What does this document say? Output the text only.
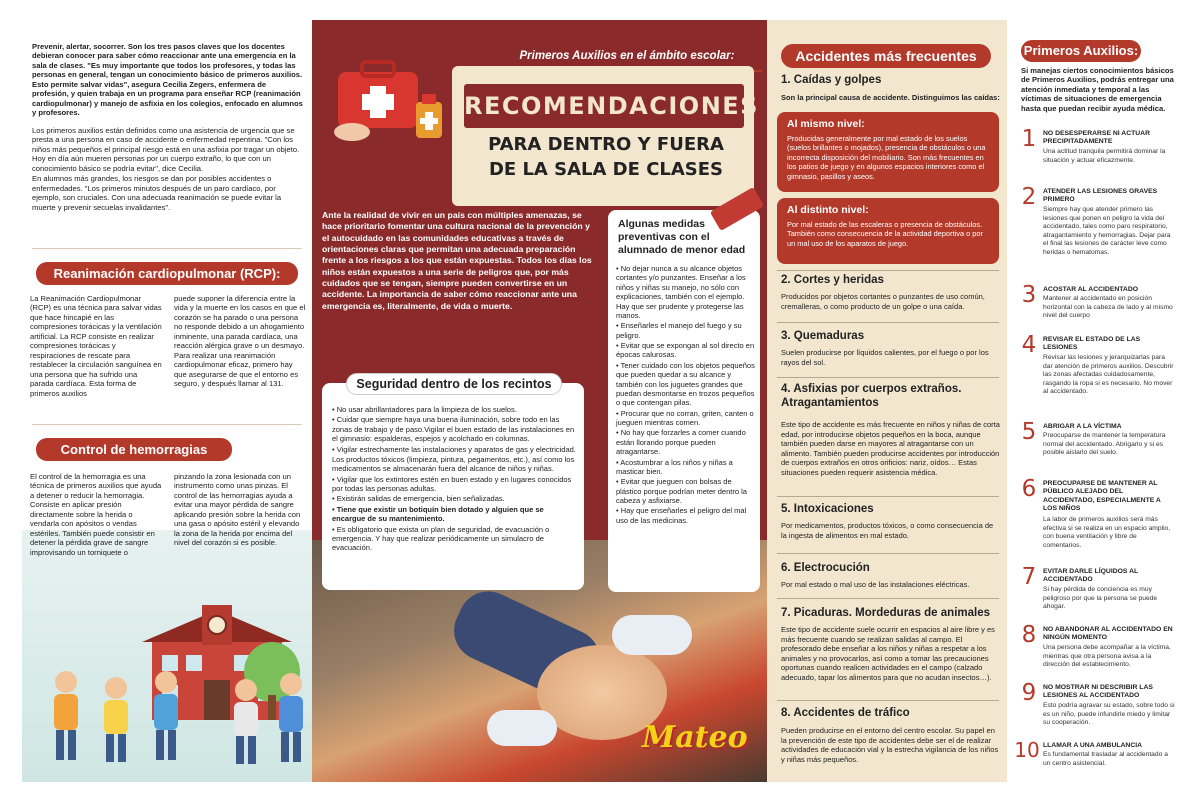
Prevenir, alertar, socorrer. Son los tres pasos claves que los docentes debieran conocer para saber cómo reaccionar ante una emergencia en la sala de clases. "Es muy importante que todos los profesores, y todas las personas en general, tengan un conocimiento básico de primeros auxilios. Esto permite salvar vidas", asegura Cecilia Zegers, enfermera de profesión, y quien trabaja en un programa para enseñar RCP (reanimación cardiopulmonar) y manejo de asfixia en los colegios, enfocado en alumnos y profesores.

Los primeros auxilios están definidos como una asistencia de urgencia que se presta a una persona en caso de accidente o enfermedad repentina. "Con los niños más pequeños el principal riesgo está en una asfixia por tragar un objeto. Hoy en día aún mueren personas por un cuerpo extraño, lo que con un conocimiento básico se podría evitar", dice Cecilia.

En alumnos más grandes, los riesgos se dan por posibles accidentes o enfermedades. "Los primeros minutos después de un paro cardíaco, por ejemplo, son cruciales. Con una adecuada reanimación se puede evitar la muerte y prevenir secuelas invalidantes".

Reanimación cardiopulmonar (RCP):

La Reanimación Cardiopulmonar (RCP) es una técnica para salvar vidas que hace hincapié en las compresiones torácicas y la ventilación artificial. La RCP consiste en realizar compresiones torácicas y respiraciones de rescate para restablecer la circulación sanguínea en una persona que ha sufrido una parada cardíaca. Esta forma de primeros auxilios

puede suponer la diferencia entre la vida y la muerte en los casos en que el corazón se ha parado o una persona no responde debido a un ahogamiento inminente, una parada cardíaca, una reacción alérgica grave o un desmayo. Para realizar una reanimación cardiopulmonar eficaz, primero hay que asegurarse de que el entorno es seguro, y después llamar al 131.

Control de hemorragias

El control de la hemorragia es una técnica de primeros auxilios que ayuda a detener o reducir la hemorragia. Consiste en aplicar presión directamente sobre la herida o vendarla con apósitos o vendas estériles. También puede consistir en detener la pérdida grave de sangre improvisando un torniquete o

pinzando la zona lesionada con un instrumento como unas pinzas. El control de las hemorragias ayuda a evitar una mayor pérdida de sangre aplicando presión sobre la herida con una gasa o apósito estéril y elevando la zona de la herida por encima del nivel del corazón si es posible.

Primeros Auxilios en el ámbito escolar:
RECOMENDACIONES
PARA DENTRO Y FUERA
DE LA SALA DE CLASES

Ante la realidad de vivir en un país con múltiples amenazas, se hace prioritario fomentar una cultura nacional de la prevención y el autocuidado en las comunidades educativas a través de orientaciones claras que permitan una adecuada preparación frente a los riesgos a los que están expuestas. Todos los días los niños están expuestos a una serie de peligros que, por más cuidados que se tengan, siempre pueden convertirse en un accidente. La importancia de saber cómo reaccionar ante una emergencia es, literalmente, de vida o muerte.

Seguridad dentro de los recintos
• No usar abrillantadores para la limpieza de los suelos.
• Cuidar que siempre haya una buena iluminación, sobre todo en las zonas de trabajo y de paso.Vigilar el buen estado de las instalaciones en el gimnasio: espalderas, espejos y acolchado en columnas.
• Vigilar estrechamente las instalaciones y aparatos de gas y electricidad.
Los productos tóxicos (limpieza, pintura, pegamentos, etc.), así como los medicamentos se almacenarán fuera del alcance de niños y niñas.
• Vigilar que los extintores estén en buen estado y en lugares conocidos por todas las personas adultas.
• Existirán salidas de emergencia, bien señalizadas.
• Tiene que existir un botiquín bien dotado y alguien que se encargue de su mantenimiento.
• Es obligatorio que exista un plan de seguridad, de evacuación o emergencia. Y hay que realizar periódicamente un simulacro de evacuación.
Algunas medidas preventivas con el alumnado de menor edad
• No dejar nunca a su alcance objetos cortantes y/o punzantes. Enseñar a los niños y niñas su manejo, no sólo con explicaciones, también con el ejemplo. Hay que ser prudente y protegerse las manos.
• Enseñarles el manejo del fuego y su peligro.
• Evitar que se expongan al sol directo en épocas calurosas.
• Tener cuidado con los objetos pequeños que pueden quedar a su alcance y también con los juguetes grandes que puedan desmontarse en trozos pequeños o que contengan pilas.
• Procurar que no corran, griten, canten o jueguen mientras comen.
• No hay que forzarles a comer cuando están llorando porque pueden atragantarse.
• Acostumbrar a los niños y niñas a masticar bien.
• Evitar que jueguen con bolsas de plástico porque podrían meter dentro la cabeza y asfixiarse.
• Hay que enseñarles el peligro del mal uso de las medicinas.
Mateo
Accidentes más frecuentes
1. Caídas y golpes

Son la principal causa de accidente. Distinguimos las caídas:

Al mismo nivel:

Producidas generalmente por mal estado de los suelos (suelos brillantes o mojados), presencia de obstáculos o una incorrecta disposición del mobiliario. Son más frecuentes en los patios de juego y en algunos espacios interiores como el gimnasio, pasillos y aseos.

Al distinto nivel:

Por mal estado de las escaleras o presencia de obstáculos. También como consecuencia de la actividad deportiva o por un mal uso de los aparatos de juego.

2. Cortes y heridas

Producidos por objetos cortantes o punzantes de uso común, cremalleras, o como producto de un golpe o una caída.

3. Quemaduras

Suelen producirse por líquidos calientes, por el fuego o por los rayos del sol.

4. Asfixias por cuerpos extraños. Atragantamientos

Este tipo de accidente es más frecuente en niños y niñas de corta edad, por introducirse objetos pequeños en la boca, aunque también pueden darse en mayores al atragantarse con un alimento. También pueden producirse accidentes por introducción de cuerpos extraños en otros orificios: nariz, oídos… Estas situaciones pueden requerir asistencia médica.

5. Intoxicaciones

Por medicamentos, productos tóxicos, o como consecuencia de la ingesta de alimentos en mal estado.

6. Electrocución

Por mal estado o mal uso de las instalaciones eléctricas.

7. Picaduras. Mordeduras de animales

Este tipo de accidente suele ocurrir en espacios al aire libre y es más frecuente cuando se realizan salidas al campo. El profesorado debe enseñar a los niños y niñas a respetar a los animales y no provocarlos, así como a tomar las precauciones oportunas cuando realicen actividades en el campo (calzado adecuado, tapar los alimentos para que no acudan insectos…).

8. Accidentes de tráfico

Pueden producirse en el entorno del centro escolar. Su papel en la prevención de este tipo de accidentes debe ser el de realizar actividades de educación vial y la estrecha vigilancia de los niños y niñas más pequeños.

Primeros Auxilios:

Si manejas ciertos conocimientos básicos de Primeros Auxilios, podrás entregar una atención inmediata y temporal a las víctimas de situaciones de emergencia hasta que puedan recibir ayuda médica.

1 NO DESESPERARSE NI ACTUAR PRECIPITADAMENTE
Una actitud tranquila permitirá dominar la situación y actuar eficazmente.
2 ATENDER LAS LESIONES GRAVES PRIMERO
Siempre hay que atender primero las lesiones que ponen en peligro la vida del accidentado, tales como paro respiratorio, atragantamiento y hemorragias. Dejar para el final las lesiones de carácter leve como heridas o hematomas.
3 ACOSTAR AL ACCIDENTADO
Mantener al accidentado en posición horizontal con la cabeza de lado y al mismo nivel del cuerpo
4 REVISAR EL ESTADO DE LAS LESIONES
Revisar las lesiones y jerarquizarlas para dar atención de primeros auxilios. Descubrir las zonas afectadas cuidadosamente, rasgando la ropa si es necesario. No mover al accidentado.
5 ABRIGAR A LA VÍCTIMA
Preocuparse de mantener la temperatura normal del accidentado. Abrigarlo y si es posible aislarlo del suelo.
6 PREOCUPARSE DE MANTENER AL PÚBLICO ALEJADO DEL ACCIDENTADO, ESPECIALMENTE A LOS NIÑOS
La labor de primeros auxilios será más efectiva si se realiza en un espacio amplio, con buena ventilación y libre de comentarios.
7 EVITAR DARLE LÍQUIDOS AL ACCIDENTADO
Si hay pérdida de conciencia es muy peligroso por que la persona se puede ahogar.
8 NO ABANDONAR AL ACCIDENTADO EN NINGÚN MOMENTO
Una persona debe acompañar a la víctima, mientras que otra persona avisa a la dirección del establecimiento.
9 NO MOSTRAR NI DESCRIBIR LAS LESIONES AL ACCIDENTADO
Esto podría agravar su estado, sobre todo si es un niño, puede infundirle miedo y limitar su cooperación.
10 LLAMAR A UNA AMBULANCIA
Es fundamental trasladar al accidentado a un centro asistencial.
